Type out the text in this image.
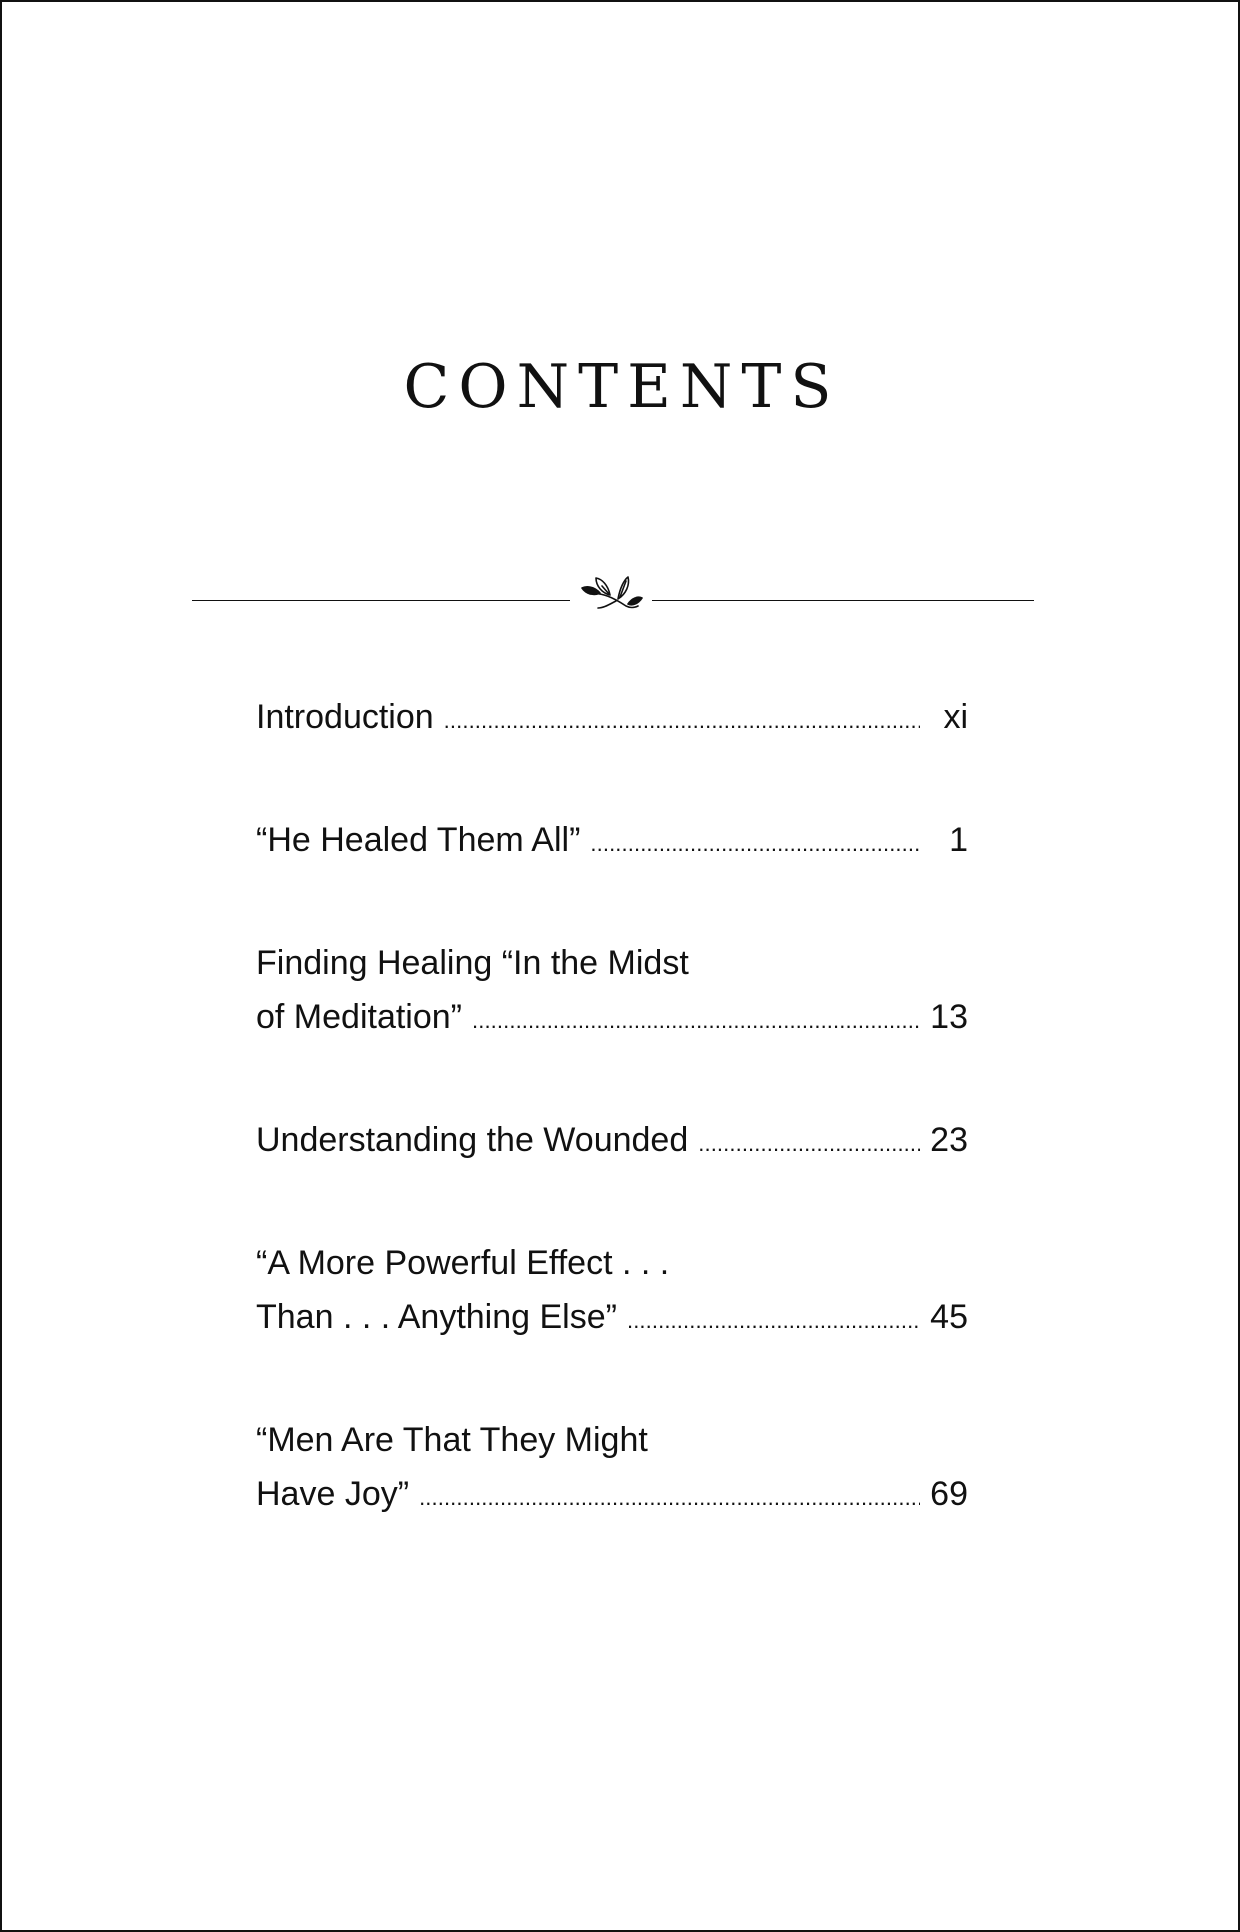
CONTENTS
Introduction . . .	xi
“He Healed Them All” . . .	1
Finding Healing “In the Midst
of Meditation” . . .	13
Understanding the Wounded . . .	23
“A More Powerful Effect . . .
Than . . . Anything Else” . . .	45
“Men Are That They Might
Have Joy” . . .	69
